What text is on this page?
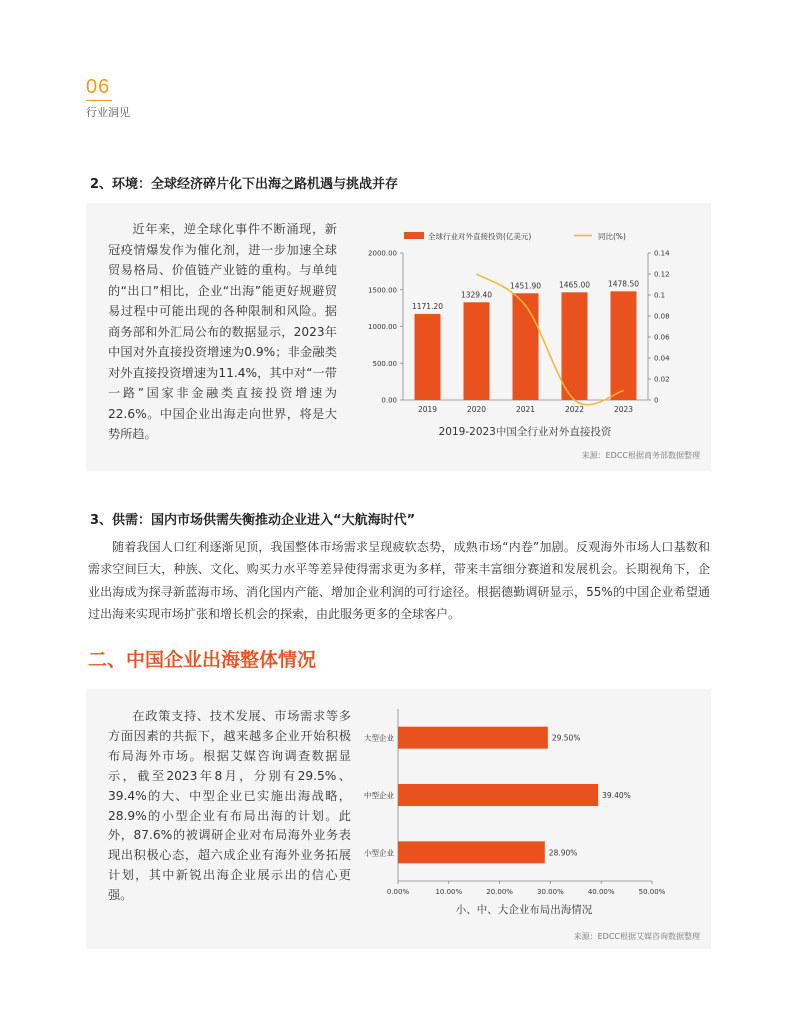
06
行业洞见
2、环境：全球经济碎片化下出海之路机遇与挑战并存
近年来，逆全球化事件不断涌现，新冠疫情爆发作为催化剂，进一步加速全球贸易格局、价值链产业链的重构。与单纯的“出口”相比，企业“出海”能更好规避贸易过程中可能出现的各种限制和风险。据商务部和外汇局公布的数据显示，2023年中国对外直接投资增速为0.9%；非金融类对外直接投资增速为11.4%，其中对“一带一路”国家非金融类直接投资增速为22.6%。中国企业出海走向世界，将是大势所趋。
全球行业对外直接投资(亿美元)	同比(%)
0.00
500.00
1000.00
1500.00
2000.00
0
0.02
0.04
0.06
0.08
0.1
0.12
0.14
1171.20
1329.40
1451.90 1465.00 1478.50
2019	2020	2021	2022	2023
2019-2023中国全行业对外直接投资
来源：EDCC根据商务部数据整理
3、供需：国内市场供需失衡推动企业进入“大航海时代”
随着我国人口红利逐渐见顶，我国整体市场需求呈现疲软态势，成熟市场“内卷”加剧。反观海外市场人口基数和需求空间巨大，种族、文化、购买力水平等差异使得需求更为多样，带来丰富细分赛道和发展机会。长期视角下，企业出海成为探寻新蓝海市场、消化国内产能、增加企业利润的可行途径。根据德勤调研显示，55%的中国企业希望通过出海来实现市场扩张和增长机会的探索，由此服务更多的全球客户。
二、中国企业出海整体情况
在政策支持、技术发展、市场需求等多方面因素的共振下，越来越多企业开始积极布局海外市场。根据艾媒咨询调查数据显示，截至2023年8月，分别有29.5%、39.4%的大、中型企业已实施出海战略，28.9%的小型企业有布局出海的计划。此外，87.6%的被调研企业对布局海外业务表现出积极心态，超六成企业有海外业务拓展计划，其中新锐出海企业展示出的信心更强。
大型企业	29.50%
中型企业	39.40%
小型企业	28.90%
0.00%	10.00%	20.00%	30.00%	40.00%	50.00%
小、中、大企业布局出海情况
来源：EDCC根据艾媒咨询数据整理
